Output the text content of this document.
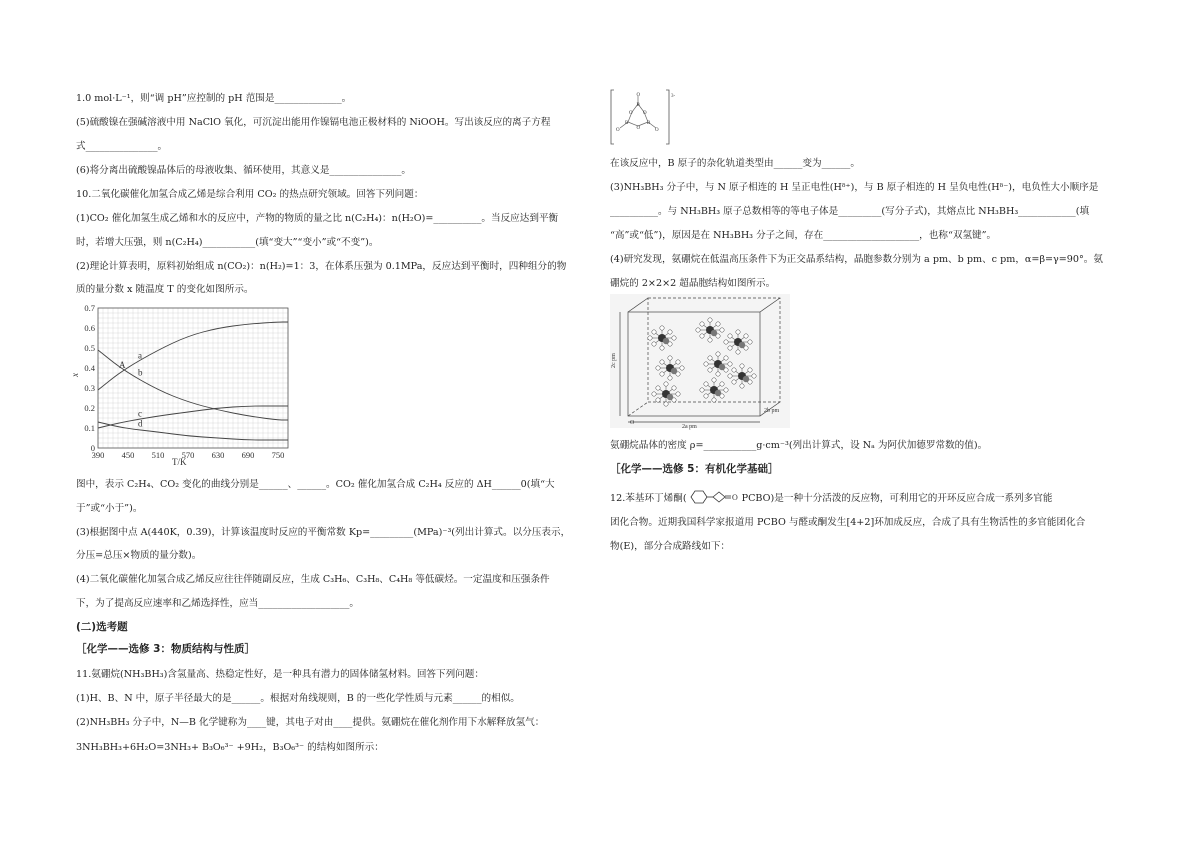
1.0 mol·L⁻¹，则“调 pH”应控制的 pH 范围是______________。
(5)硫酸镍在强碱溶液中用 NaClO 氧化，可沉淀出能用作镍镉电池正极材料的 NiOOH。写出该反应的离子方程
式_______________。
(6)将分离出硫酸镍晶体后的母液收集、循环使用，其意义是_______________。
10.二氧化碳催化加氢合成乙烯是综合利用 CO₂ 的热点研究领域。回答下列问题：
(1)CO₂ 催化加氢生成乙烯和水的反应中，产物的物质的量之比 n(C₂H₄)：n(H₂O)=__________。当反应达到平衡
时，若增大压强，则 n(C₂H₄)___________(填“变大”“变小”或“不变”)。
(2)理论计算表明，原料初始组成 n(CO₂)：n(H₂)=1：3，在体系压强为 0.1MPa，反应达到平衡时，四种组分的物
质的量分数 x 随温度 T 的变化如图所示。
0
0.1
0.2
0.3
0.4
0.5
0.6
0.7
390 450 510 570 630 690 750
a
b
c
d
A
x
T/K
图中，表示 C₂H₄、CO₂ 变化的曲线分别是______、______。CO₂ 催化加氢合成 C₂H₄ 反应的 ΔH______0(填“大
于”或“小于”)。
(3)根据图中点 A(440K，0.39)，计算该温度时反应的平衡常数 Kp=_________(MPa)⁻³(列出计算式。以分压表示，
分压=总压×物质的量分数)。
(4)二氧化碳催化加氢合成乙烯反应往往伴随副反应，生成 C₃H₆、C₃H₈、C₄H₈ 等低碳烃。一定温度和压强条件
下，为了提高反应速率和乙烯选择性，应当___________________。
(二)选考题
［化学——选修 3：物质结构与性质］
11.氨硼烷(NH₃BH₃)含氢量高、热稳定性好，是一种具有潜力的固体储氢材料。回答下列问题：
(1)H、B、N 中，原子半径最大的是______。根据对角线规则，B 的一些化学性质与元素______的相似。
(2)NH₃BH₃ 分子中，N—B 化学键称为____键，其电子对由____提供。氨硼烷在催化剂作用下水解释放氢气：
3NH₃BH₃+6H₂O=3NH₃+ B₃O₆³⁻ +9H₂，B₃O₆³⁻ 的结构如图所示：
3-
O
B
O O
B	B
O
O	O
在该反应中，B 原子的杂化轨道类型由______变为______。
(3)NH₃BH₃ 分子中，与 N 原子相连的 H 呈正电性(Hᵟ⁺)，与 B 原子相连的 H 呈负电性(Hᵟ⁻)，电负性大小顺序是
__________。与 NH₃BH₃ 原子总数相等的等电子体是_________(写分子式)，其熔点比 NH₃BH₃____________(填
“高”或“低”)，原因是在 NH₃BH₃ 分子之间，存在____________________，也称“双氢键”。
(4)研究发现，氨硼烷在低温高压条件下为正交晶系结构，晶胞参数分别为 a pm、b pm、c pm，α=β=γ=90°。氨
硼烷的 2×2×2 超晶胞结构如图所示。
2c pm
2a pm
2b pm
O
氨硼烷晶体的密度 ρ=___________g·cm⁻³(列出计算式，设 Nₐ 为阿伏加德罗常数的值)。
［化学——选修 5：有机化学基础］
12.苯基环丁烯酮(	O PCBO)是一种十分活泼的反应物，可利用它的开环反应合成一系列多官能
团化合物。近期我国科学家报道用 PCBO 与醛或酮发生[4+2]环加成反应，合成了具有生物活性的多官能团化合
物(E)，部分合成路线如下：
